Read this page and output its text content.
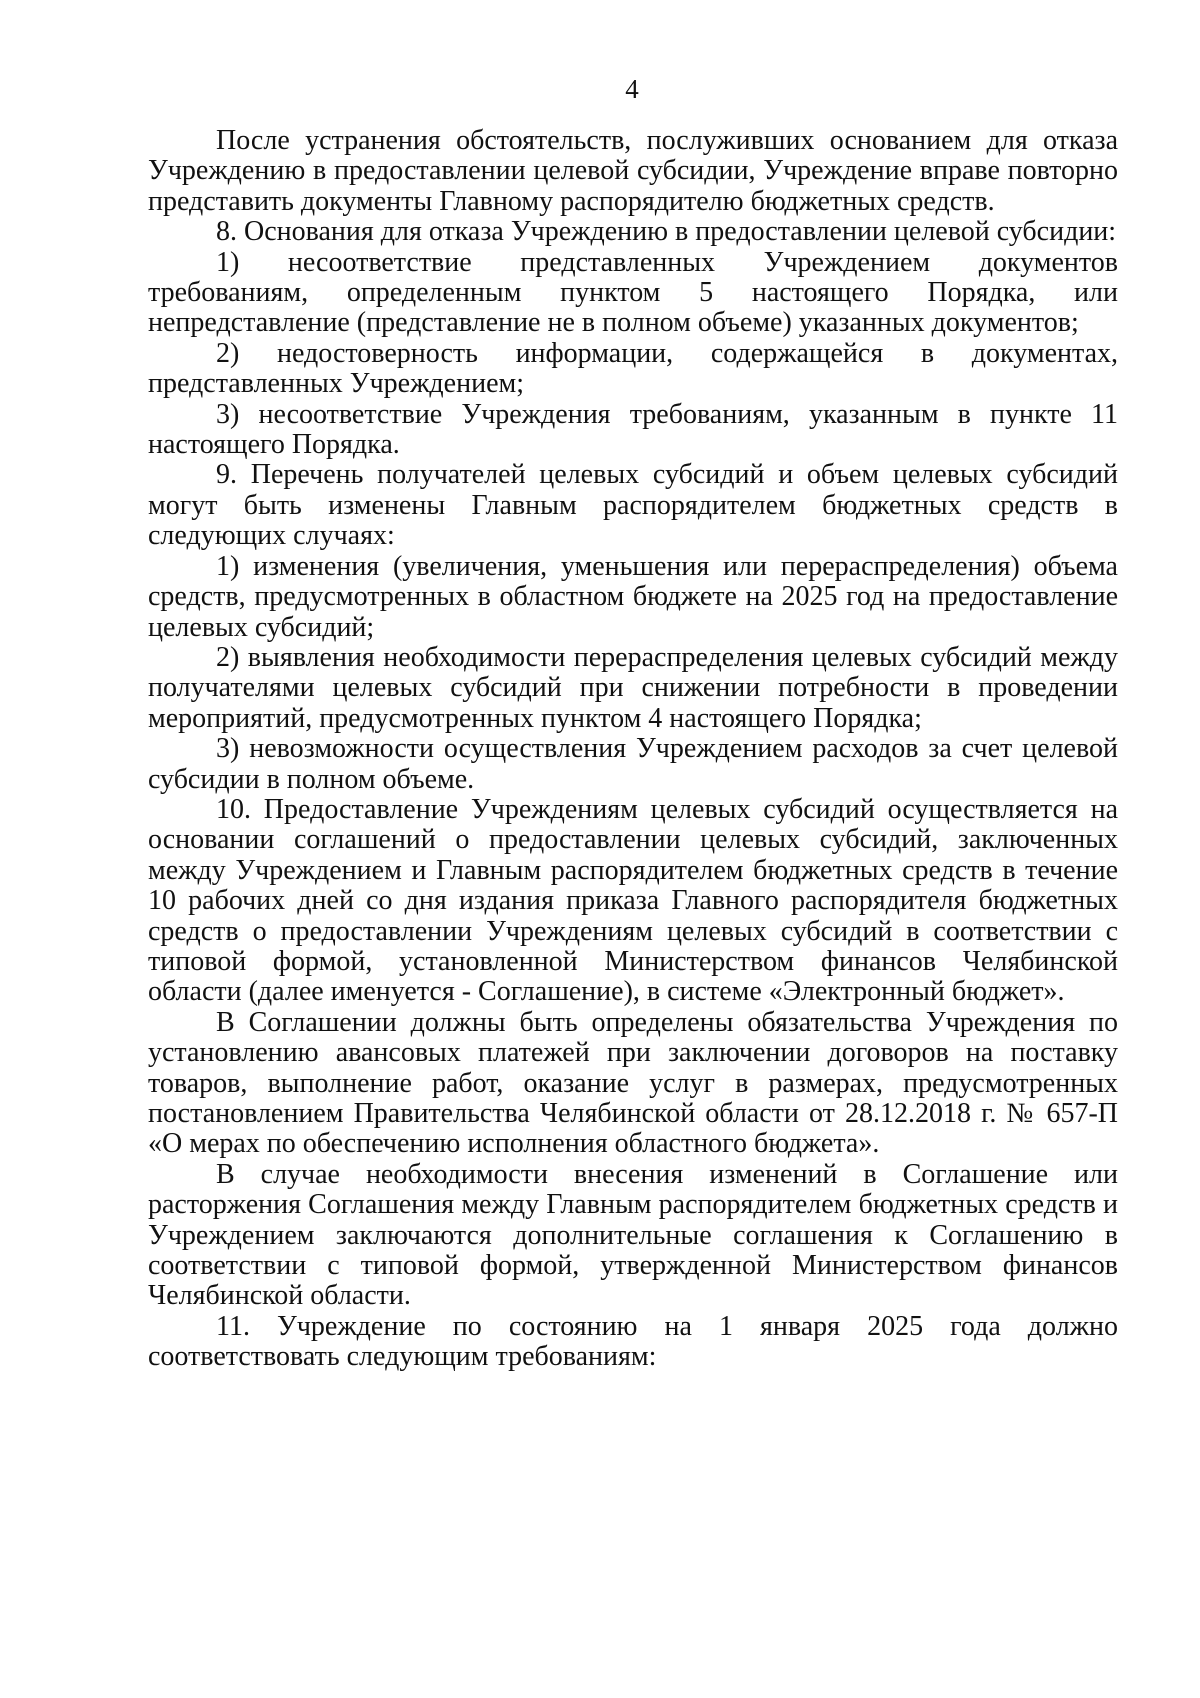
4

После устранения обстоятельств, послуживших основанием для отказа Учреждению в предоставлении целевой субсидии, Учреждение вправе повторно представить документы Главному распорядителю бюджетных средств.

8. Основания для отказа Учреждению в предоставлении целевой субсидии:

1) несоответствие представленных Учреждением документов требованиям, определенным пунктом 5 настоящего Порядка, или непредставление (представление не в полном объеме) указанных документов;

2) недостоверность информации, содержащейся в документах, представленных Учреждением;

3) несоответствие Учреждения требованиям, указанным в пункте 11 настоящего Порядка.

9. Перечень получателей целевых субсидий и объем целевых субсидий могут быть изменены Главным распорядителем бюджетных средств в следующих случаях:

1) изменения (увеличения, уменьшения или перераспределения) объема средств, предусмотренных в областном бюджете на 2025 год на предоставление целевых субсидий;

2) выявления необходимости перераспределения целевых субсидий между получателями целевых субсидий при снижении потребности в проведении мероприятий, предусмотренных пунктом 4 настоящего Порядка;

3) невозможности осуществления Учреждением расходов за счет целевой субсидии в полном объеме.

10. Предоставление Учреждениям целевых субсидий осуществляется на основании соглашений о предоставлении целевых субсидий, заключенных между Учреждением и Главным распорядителем бюджетных средств в течение 10 рабочих дней со дня издания приказа Главного распорядителя бюджетных средств о предоставлении Учреждениям целевых субсидий в соответствии с типовой формой, установленной Министерством финансов Челябинской области (далее именуется - Соглашение), в системе «Электронный бюджет».

В Соглашении должны быть определены обязательства Учреждения по установлению авансовых платежей при заключении договоров на поставку товаров, выполнение работ, оказание услуг в размерах, предусмотренных постановлением Правительства Челябинской области от 28.12.2018 г. № 657-П «О мерах по обеспечению исполнения областного бюджета».

В случае необходимости внесения изменений в Соглашение или расторжения Соглашения между Главным распорядителем бюджетных средств и Учреждением заключаются дополнительные соглашения к Соглашению в соответствии с типовой формой, утвержденной Министерством финансов Челябинской области.

11. Учреждение по состоянию на 1 января 2025 года должно соответствовать следующим требованиям:
